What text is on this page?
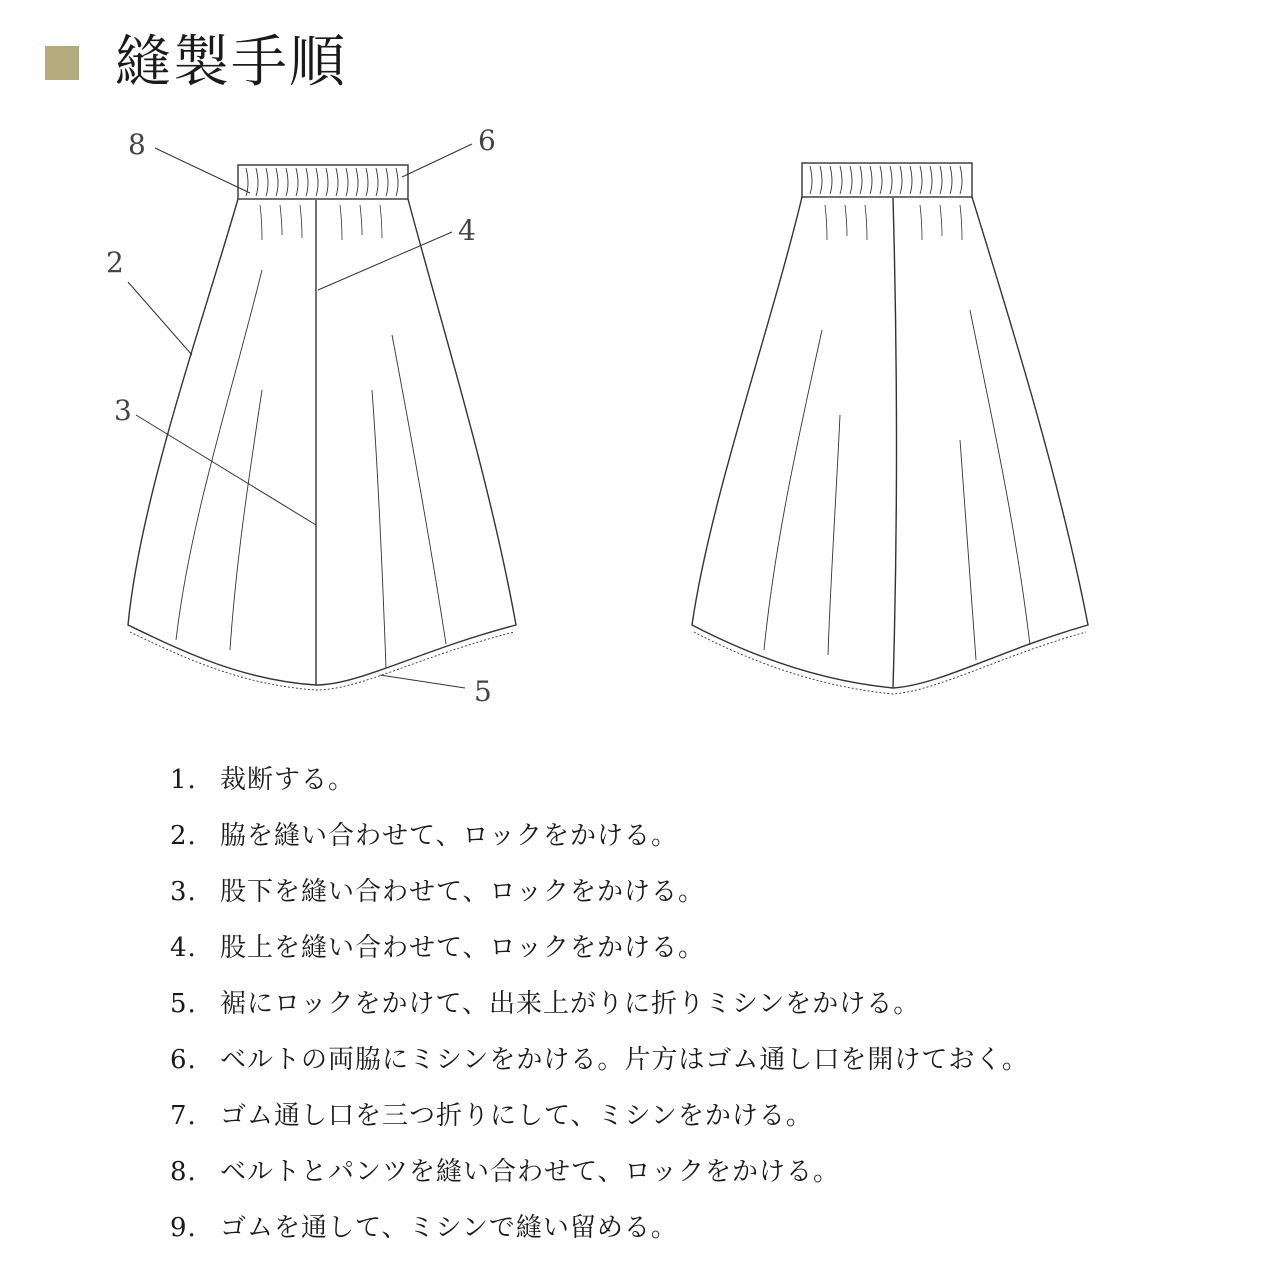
縫製手順
8	6
2
4
3
5
1. 裁断する。
2. 脇を縫い合わせて、ロックをかける。
3. 股下を縫い合わせて、ロックをかける。
4. 股上を縫い合わせて、ロックをかける。
5. 裾にロックをかけて、出来上がりに折りミシンをかける。
6. ベルトの両脇にミシンをかける。片方はゴム通し口を開けておく。
7. ゴム通し口を三つ折りにして、ミシンをかける。
8. ベルトとパンツを縫い合わせて、ロックをかける。
9. ゴムを通して、ミシンで縫い留める。
